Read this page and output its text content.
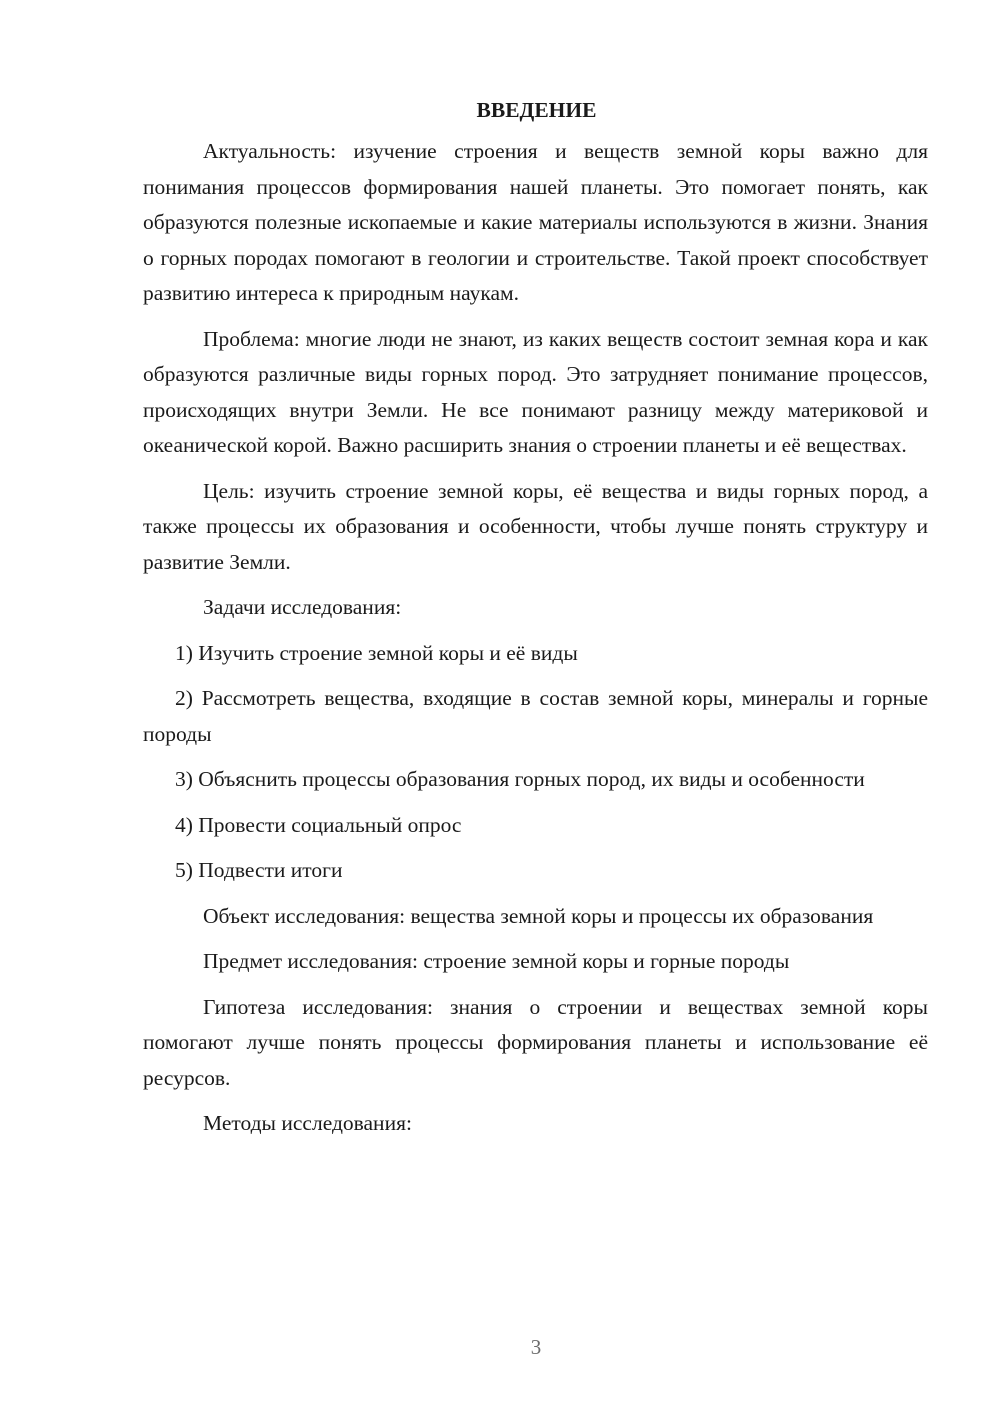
ВВЕДЕНИЕ

Актуальность: изучение строения и веществ земной коры важно для понимания процессов формирования нашей планеты. Это помогает понять, как образуются полезные ископаемые и какие материалы используются в жизни. Знания о горных породах помогают в геологии и строительстве. Такой проект способствует развитию интереса к природным наукам.

Проблема: многие люди не знают, из каких веществ состоит земная кора и как образуются различные виды горных пород. Это затрудняет понимание процессов, происходящих внутри Земли. Не все понимают разницу между материковой и океанической корой. Важно расширить знания о строении планеты и её веществах.

Цель: изучить строение земной коры, её вещества и виды горных пород, а также процессы их образования и особенности, чтобы лучше понять структуру и развитие Земли.

Задачи исследования:

1) Изучить строение земной коры и её виды

2) Рассмотреть вещества, входящие в состав земной коры, минералы и горные породы

3) Объяснить процессы образования горных пород, их виды и особенности

4) Провести социальный опрос

5) Подвести итоги

Объект исследования: вещества земной коры и процессы их образования

Предмет исследования: строение земной коры и горные породы

Гипотеза исследования: знания о строении и веществах земной коры помогают лучше понять процессы формирования планеты и использование её ресурсов.

Методы исследования:

3
